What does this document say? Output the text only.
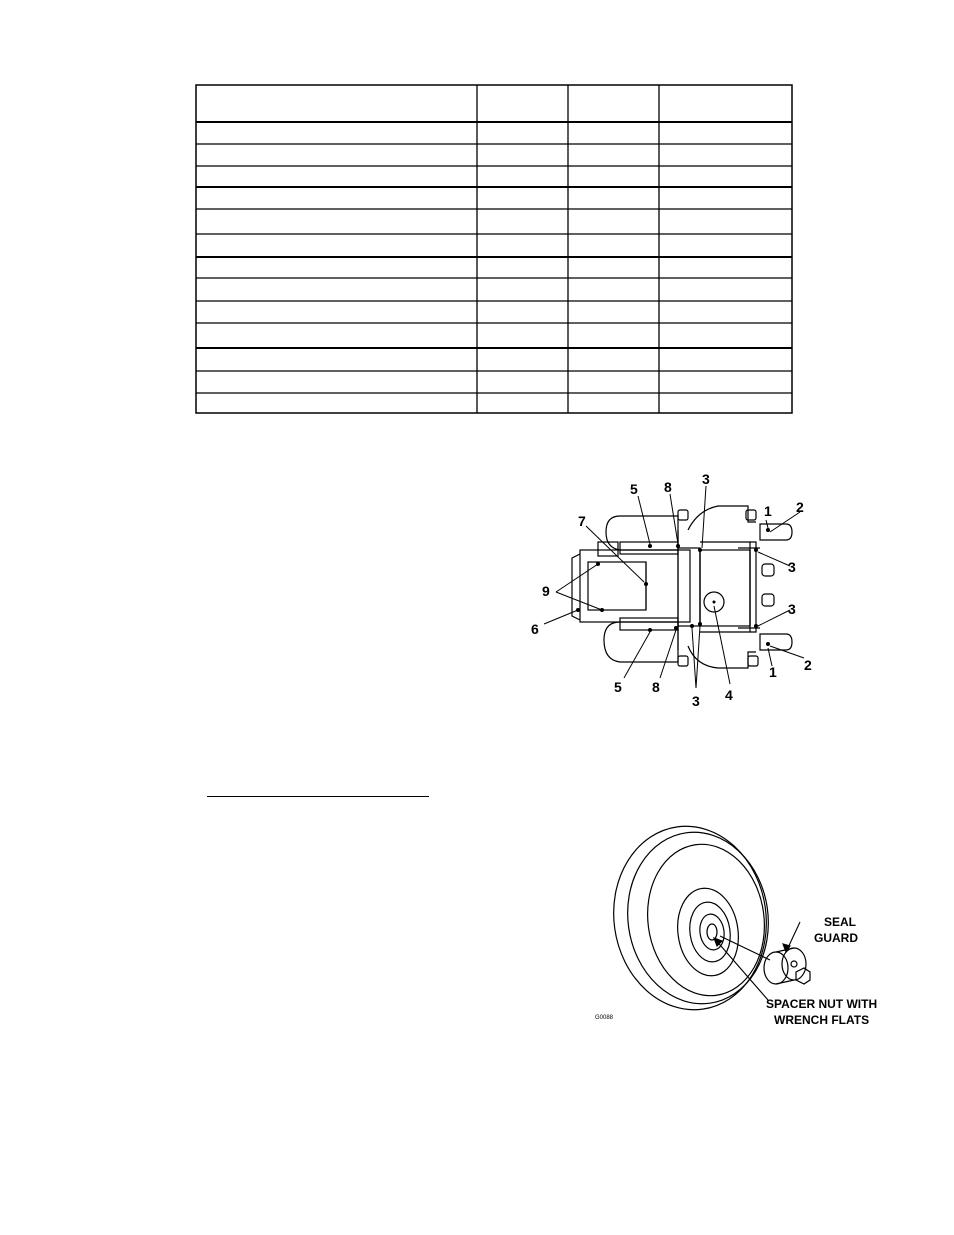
5 8 3
1 2
3
3
2
1
7
9
6
5 8
3 4
SEAL
GUARD
SPACER NUT WITH
WRENCH FLATS
G0088
